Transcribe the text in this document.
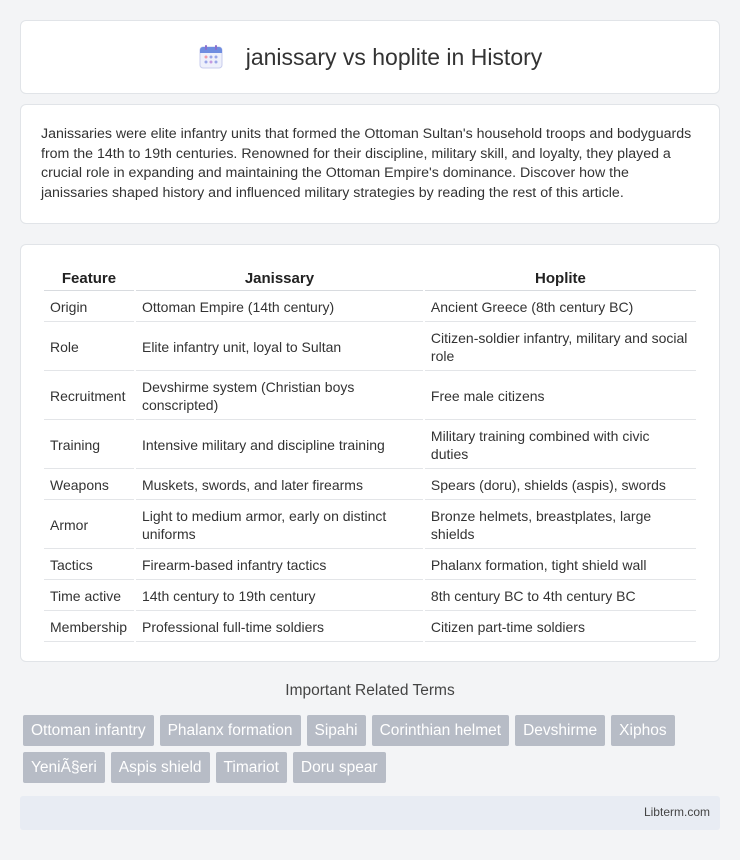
janissary vs hoplite in History

Janissaries were elite infantry units that formed the Ottoman Sultan's household troops and bodyguards from the 14th to 19th centuries. Renowned for their discipline, military skill, and loyalty, they played a crucial role in expanding and maintaining the Ottoman Empire's dominance. Discover how the janissaries shaped history and influenced military strategies by reading the rest of this article.

Feature	Janissary	Hoplite
Origin	Ottoman Empire (14th century)	Ancient Greece (8th century BC)
Role	Elite infantry unit, loyal to Sultan	Citizen-soldier infantry, military and social role
Recruitment	Devshirme system (Christian boys conscripted)	Free male citizens
Training	Intensive military and discipline training	Military training combined with civic duties
Weapons	Muskets, swords, and later firearms	Spears (doru), shields (aspis), swords
Armor	Light to medium armor, early on distinct uniforms	Bronze helmets, breastplates, large shields
Tactics	Firearm-based infantry tactics	Phalanx formation, tight shield wall
Time active	14th century to 19th century	8th century BC to 4th century BC
Membership	Professional full-time soldiers	Citizen part-time soldiers
Important Related Terms
Ottoman infantry	Phalanx formation	Sipahi	Corinthian helmet	Devshirme	Xiphos
YeniÃ§eri	Aspis shield	Timariot	Doru spear
Libterm.com
